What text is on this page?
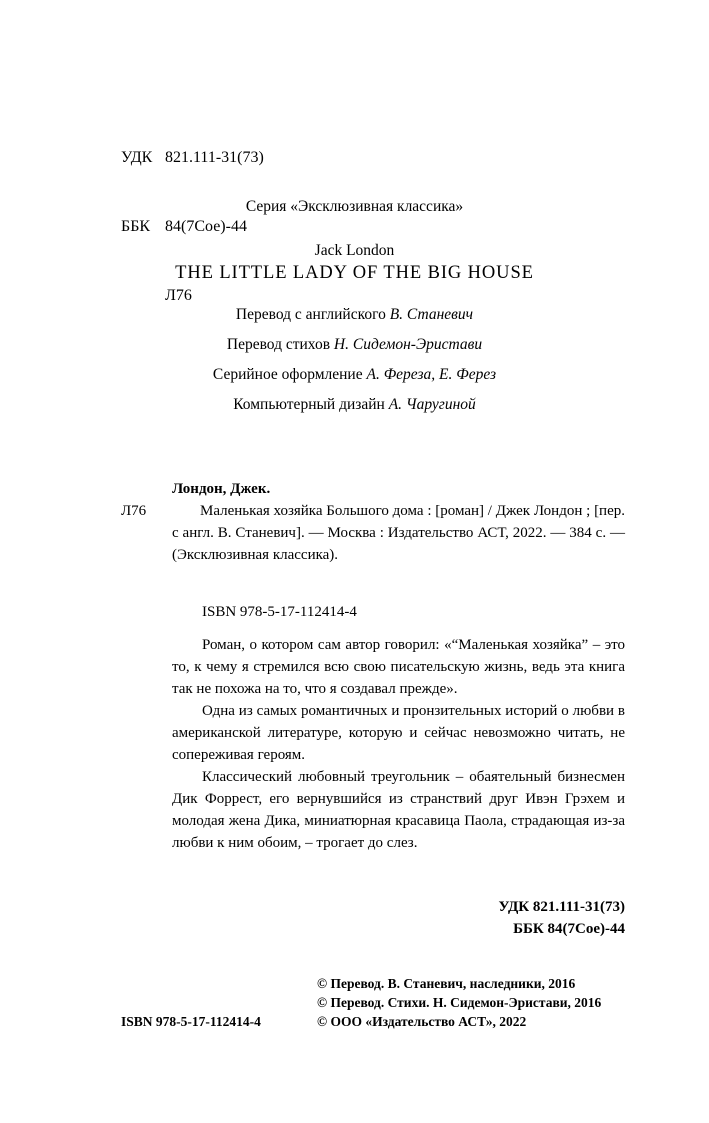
УДК 821.111-31(73)

ББК 84(7Сое)-44

Л76

Серия «Эксклюзивная классика»
Jack London
THE LITTLE LADY OF THE BIG HOUSE
Перевод с английского В. Станевич
Перевод стихов Н. Сидемон-Эристави
Серийное оформление А. Фереза, Е. Ферез
Компьютерный дизайн А. Чаругиной
Л76
Лондон, Джек.
Маленькая хозяйка Большого дома : [роман] / Джек Лондон ; [пер. с англ. В. Станевич]. — Москва : Издательство АСТ, 2022. — 384 с. — (Эксклюзивная классика).
ISBN 978-5-17-112414-4

Роман, о котором сам автор говорил: «“Маленькая хозяйка” – это то, к чему я стремился всю свою писательскую жизнь, ведь эта книга так не похожа на то, что я создавал прежде».

Одна из самых романтичных и пронзительных историй о любви в американской литературе, которую и сейчас невозможно читать, не сопереживая героям.

Классический любовный треугольник – обаятельный бизнесмен Дик Форрест, его вернувшийся из странствий друг Ивэн Грэхем и молодая жена Дика, миниатюрная красавица Паола, страдающая из-за любви к ним обоим, – трогает до слез.

УДК 821.111-31(73)
ББК 84(7Сое)-44
© Перевод. В. Станевич, наследники, 2016
© Перевод. Стихи. Н. Сидемон-Эристави, 2016
© ООО «Издательство АСТ», 2022
ISBN 978-5-17-112414-4
